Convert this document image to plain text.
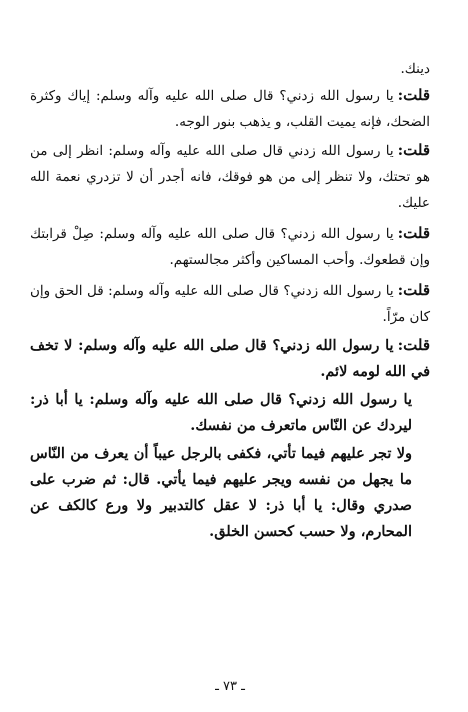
دينك.

قلت:يا رسول الله زدني؟ قال صلى الله عليه وآله وسلم: إياك وكثرة الضحك، فإنه يميت القلب، و يذهب بنور الوجه.

قلت:يا رسول الله زدني قال صلى الله عليه وآله وسلم: انظر إلى من هو تحتك، ولا تنظر إلى من هو فوقك، فانه أجدر أن لا تزدري نعمة الله عليك.

قلت:يا رسول الله زدني؟ قال صلى الله عليه وآله وسلم: صِلْ قرابتك وإن قطعوك. وأحب المساكين وأكثر مجالستهم.

قلت:يا رسول الله زدني؟ قال صلى الله عليه وآله وسلم: قل الحق وإن كان مرّاً.

قلت:يا رسول الله زدني؟ قال صلى الله عليه وآله وسلم: لا تخف في الله لومه لائم.

يا رسول الله زدني؟ قال صلى الله عليه وآله وسلم: يا أبا ذر: ليردك عن النّاس ماتعرف من نفسك.

ولا تجر عليهم فيما تأتي، فكفى بالرجل عيباً أن يعرف من النّاس ما يجهل من نفسه ويجر عليهم فيما يأتي. قال: ثم ضرب على صدري وقال: يا أبا ذر: لا عقل كالتدبير ولا ورع كالكف عن المحارم، ولا حسب كحسن الخلق.

ـ ٧٣ ـ
